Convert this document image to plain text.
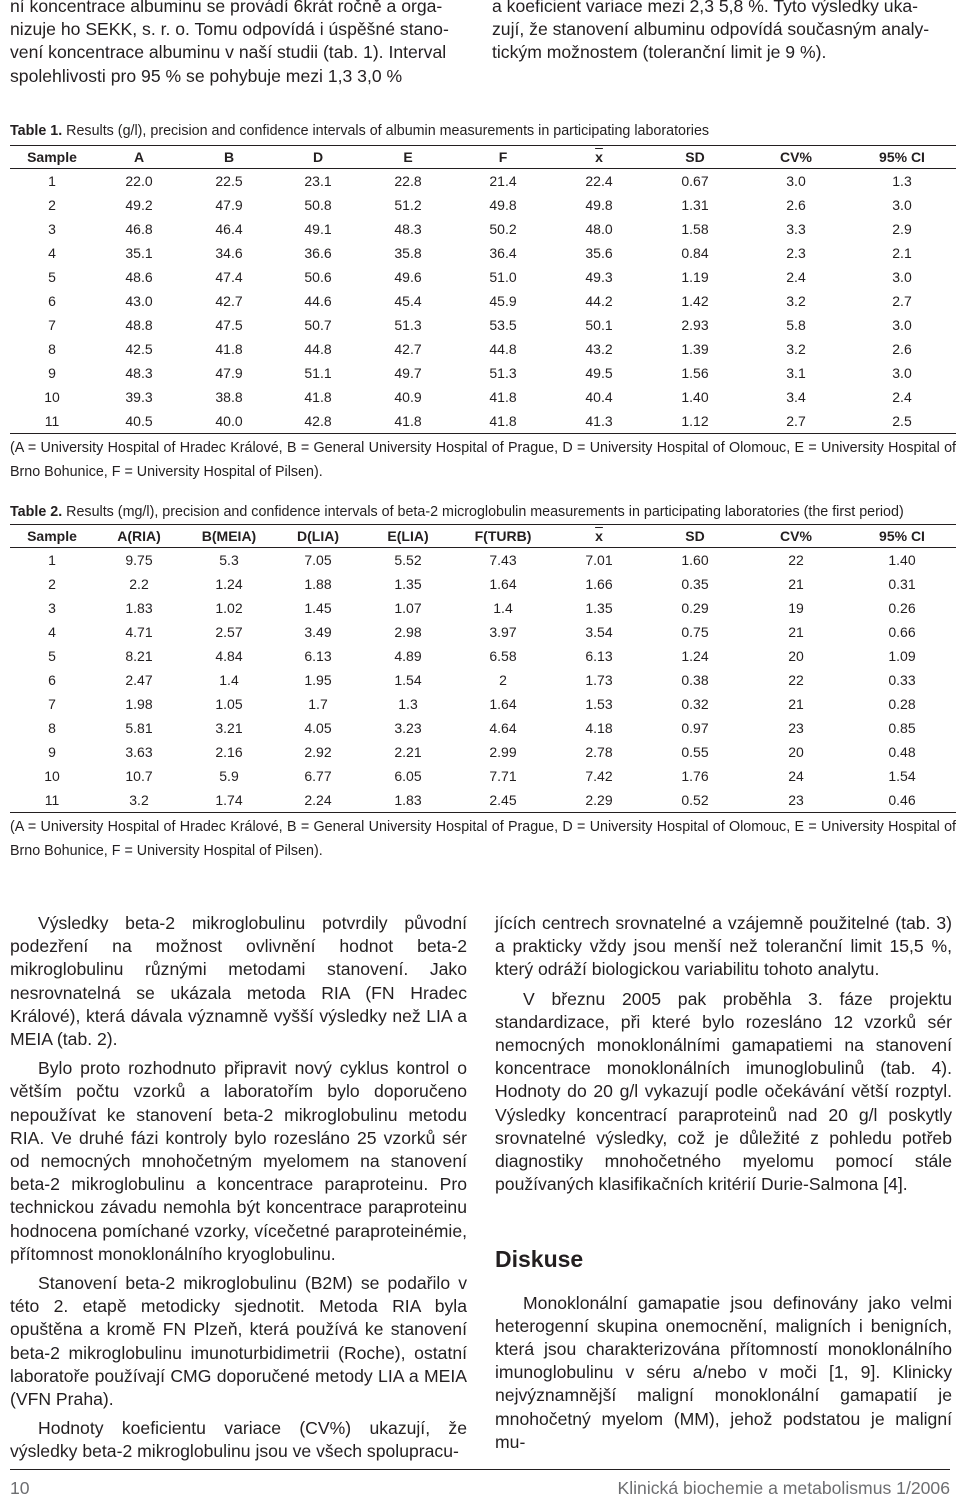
ní koncentrace albuminu se provádí 6krát ročně a orga-
nizuje ho SEKK, s. r. o. Tomu odpovídá i úspěšné stano-
vení koncentrace albuminu v naší studii (tab. 1). Interval
spolehlivosti pro 95 % se pohybuje mezi 1,3 3,0 %
a koeficient variace mezi 2,3 5,8 %. Tyto výsledky uka-
zují, že stanovení albuminu odpovídá současným analy-
tickým možnostem (toleranční limit je 9 %).
Table 1. Results (g/l), precision and confidence intervals of albumin measurements in participating laboratories
Sample	A	B	D	E	F	$\overline{x}$	SD	CV%	95% CI
1	22.0	22.5	23.1	22.8	21.4	22.4	0.67	3.0	1.3
2	49.2	47.9	50.8	51.2	49.8	49.8	1.31	2.6	3.0
3	46.8	46.4	49.1	48.3	50.2	48.0	1.58	3.3	2.9
4	35.1	34.6	36.6	35.8	36.4	35.6	0.84	2.3	2.1
5	48.6	47.4	50.6	49.6	51.0	49.3	1.19	2.4	3.0
6	43.0	42.7	44.6	45.4	45.9	44.2	1.42	3.2	2.7
7	48.8	47.5	50.7	51.3	53.5	50.1	2.93	5.8	3.0
8	42.5	41.8	44.8	42.7	44.8	43.2	1.39	3.2	2.6
9	48.3	47.9	51.1	49.7	51.3	49.5	1.56	3.1	3.0
10	39.3	38.8	41.8	40.9	41.8	40.4	1.40	3.4	2.4
11	40.5	40.0	42.8	41.8	41.8	41.3	1.12	2.7	2.5
(A = University Hospital of Hradec Králové, B = General University Hospital of Prague, D = University Hospital of Olomouc, E = University Hospital of Brno Bohunice, F = University Hospital of Pilsen).
Table 2. Results (mg/l), precision and confidence intervals of beta-2 microglobulin measurements in participating laboratories (the first period)
Sample	A(RIA)	B(MEIA)	D(LIA)	E(LIA)	F(TURB)	$\overline{x}$	SD	CV%	95% CI
1	9.75	5.3	7.05	5.52	7.43	7.01	1.60	22	1.40
2	2.2	1.24	1.88	1.35	1.64	1.66	0.35	21	0.31
3	1.83	1.02	1.45	1.07	1.4	1.35	0.29	19	0.26
4	4.71	2.57	3.49	2.98	3.97	3.54	0.75	21	0.66
5	8.21	4.84	6.13	4.89	6.58	6.13	1.24	20	1.09
6	2.47	1.4	1.95	1.54	2	1.73	0.38	22	0.33
7	1.98	1.05	1.7	1.3	1.64	1.53	0.32	21	0.28
8	5.81	3.21	4.05	3.23	4.64	4.18	0.97	23	0.85
9	3.63	2.16	2.92	2.21	2.99	2.78	0.55	20	0.48
10	10.7	5.9	6.77	6.05	7.71	7.42	1.76	24	1.54
11	3.2	1.74	2.24	1.83	2.45	2.29	0.52	23	0.46
(A = University Hospital of Hradec Králové, B = General University Hospital of Prague, D = University Hospital of Olomouc, E = University Hospital of Brno Bohunice, F = University Hospital of Pilsen).

Výsledky beta-2 mikroglobulinu potvrdily původní podezření na možnost ovlivnění hodnot beta-2 mikroglobulinu různými metodami stanovení. Jako nesrovnatelná se ukázala metoda RIA (FN Hradec Králové), která dávala významně vyšší výsledky než LIA a MEIA (tab. 2).

Bylo proto rozhodnuto připravit nový cyklus kontrol o větším počtu vzorků a laboratořím bylo doporučeno nepoužívat ke stanovení beta-2 mikroglobulinu metodu RIA. Ve druhé fázi kontroly bylo rozesláno 25 vzorků sér od nemocných mnohočetným myelomem na stanovení beta-2 mikroglobulinu a koncentrace paraproteinu. Pro technickou závadu nemohla být koncentrace paraproteinu hodnocena pomíchané vzorky, vícečetné paraproteinémie, přítomnost monoklonálního kryoglobulinu.

Stanovení beta-2 mikroglobulinu (B2M) se podařilo v této 2. etapě metodicky sjednotit. Metoda RIA byla opuštěna a kromě FN Plzeň, která používá ke stanovení beta-2 mikroglobulinu imunoturbidimetrii (Roche), ostatní laboratoře používají CMG doporučené metody LIA a MEIA (VFN Praha).

Hodnoty koeficientu variace (CV%) ukazují, že výsledky beta-2 mikroglobulinu jsou ve všech spolupracu-

jících centrech srovnatelné a vzájemně použitelné (tab. 3) a prakticky vždy jsou menší než toleranční limit 15,5 %, který odráží biologickou variabilitu tohoto analytu.

V březnu 2005 pak proběhla 3. fáze projektu standardizace, při které bylo rozesláno 12 vzorků sér nemocných monoklonálními gamapatiemi na stanovení koncentrace monoklonálních imunoglobulinů (tab. 4). Hodnoty do 20 g/l vykazují podle očekávání větší rozptyl. Výsledky koncentrací paraproteinů nad 20 g/l poskytly srovnatelné výsledky, což je důležité z pohledu potřeb diagnostiky mnohočetného myelomu pomocí stále používaných klasifikačních kritérií Durie-Salmona [4].

Diskuse

Monoklonální gamapatie jsou definovány jako velmi heterogenní skupina onemocnění, maligních i benigních, která jsou charakterizována přítomností monoklonálního imunoglobulinu v séru a/nebo v moči [1, 9]. Klinicky nejvýznamnější maligní monoklonální gamapatií je mnohočetný myelom (MM), jehož podstatou je maligní mu-

10	Klinická biochemie a metabolismus 1/2006
